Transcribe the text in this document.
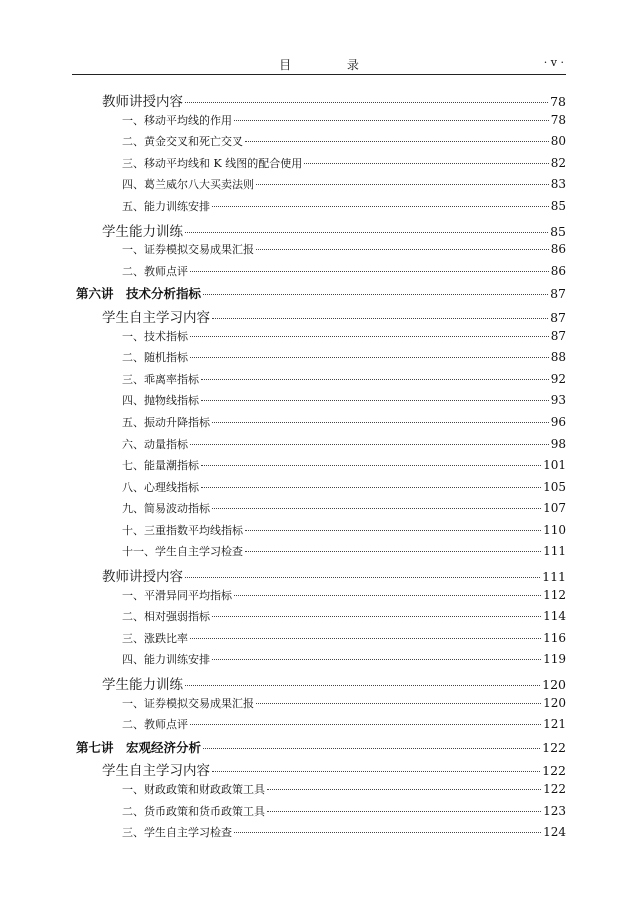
目 录	· v ·
教师讲授内容	78
一、移动平均线的作用	78
二、黄金交叉和死亡交叉	80
三、移动平均线和 K 线图的配合使用	82
四、葛兰威尔八大买卖法则	83
五、能力训练安排	85
学生能力训练	85
一、证券模拟交易成果汇报	86
二、教师点评	86
第六讲　技术分析指标	87
学生自主学习内容	87
一、技术指标	87
二、随机指标	88
三、乖离率指标	92
四、抛物线指标	93
五、振动升降指标	96
六、动量指标	98
七、能量潮指标	101
八、心理线指标	105
九、简易波动指标	107
十、三重指数平均线指标	110
十一、学生自主学习检查	111
教师讲授内容	111
一、平滑异同平均指标	112
二、相对强弱指标	114
三、涨跌比率	116
四、能力训练安排	119
学生能力训练	120
一、证券模拟交易成果汇报	120
二、教师点评	121
第七讲　宏观经济分析	122
学生自主学习内容	122
一、财政政策和财政政策工具	122
二、货币政策和货币政策工具	123
三、学生自主学习检查	124
